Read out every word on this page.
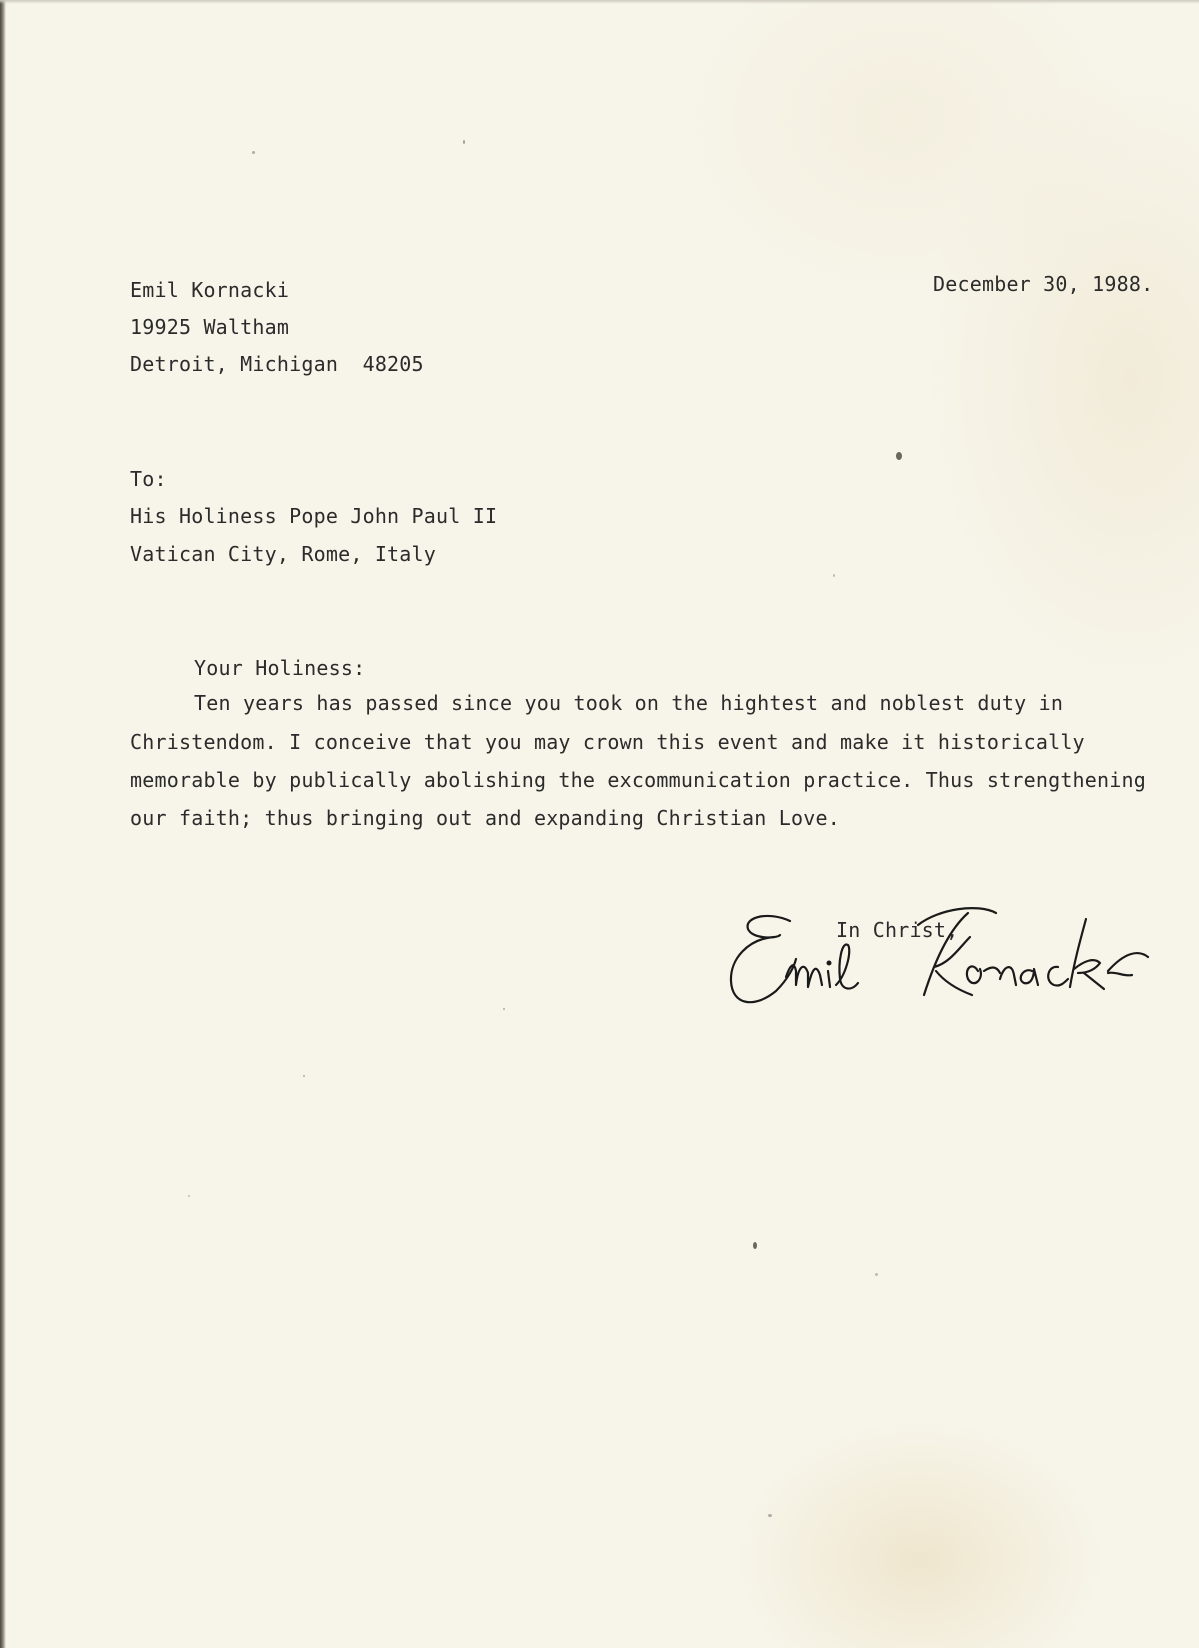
Emil Kornacki
19925 Waltham
Detroit, Michigan  48205
December 30, 1988.
To:
His Holiness Pope John Paul II
Vatican City, Rome, Italy
Your Holiness:
Ten years has passed since you took on the hightest and noblest duty in
Christendom. I conceive that you may crown this event and make it historically
memorable by publically abolishing the excommunication practice. Thus strengthening
our faith; thus bringing out and expanding Christian Love.
In Christ,
